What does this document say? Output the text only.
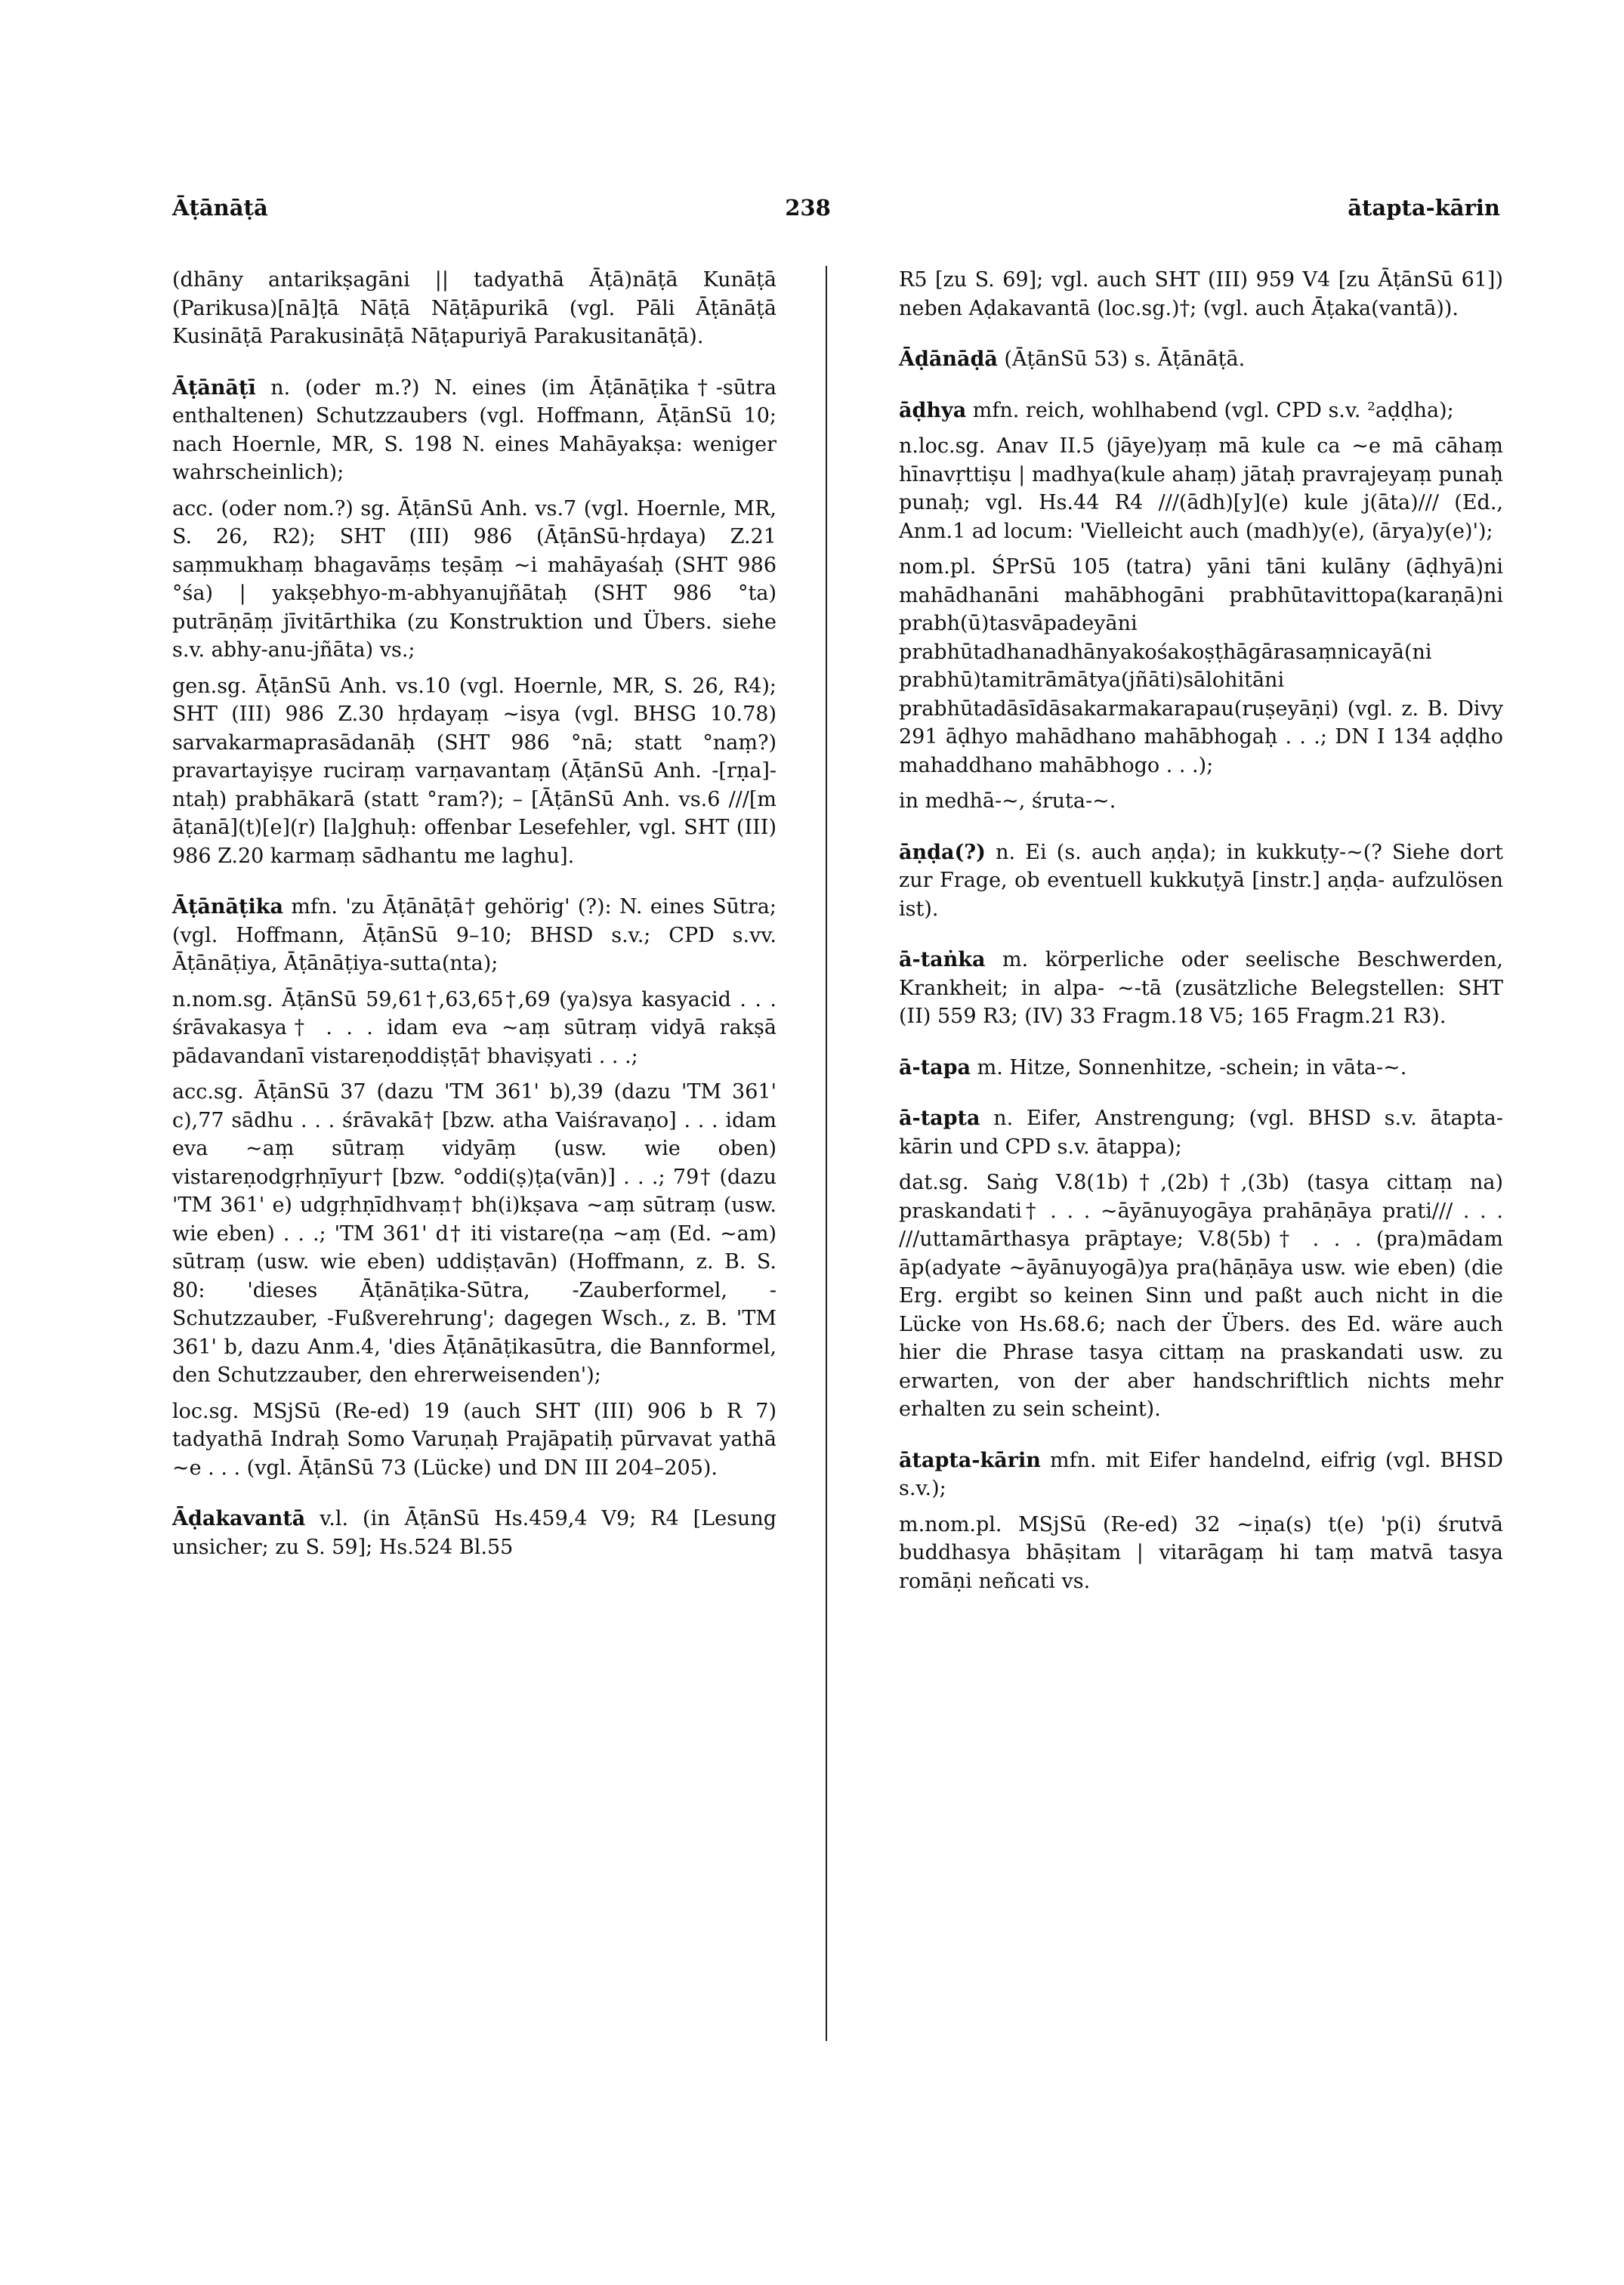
Āṭānāṭā	238	ātapta-kārin

(dhāny antarikṣagāni || tadyathā Āṭā)nāṭā Kunāṭā (Parikusa)[nā]ṭā Nāṭā Nāṭāpurikā (vgl. Pāli Āṭānāṭā Kusināṭā Parakusināṭā Nāṭapuriyā Parakusitanāṭā).

Āṭānāṭī n. (oder m.?) N. eines (im Āṭānāṭika†-sūtra enthaltenen) Schutzzaubers (vgl. Hoffmann, ĀṭānSū 10; nach Hoernle, MR, S. 198 N. eines Mahāyakṣa: weniger wahrscheinlich);

acc. (oder nom.?) sg. ĀṭānSū Anh. vs.7 (vgl. Hoernle, MR, S. 26, R2); SHT (III) 986 (ĀṭānSū-hṛdaya) Z.21 saṃmukhaṃ bhagavāṃs teṣāṃ ~i mahāyaśaḥ (SHT 986 °śa) | yakṣebhyo-m-abhyanujñātaḥ (SHT 986 °ta) putrāṇāṃ jīvitārthika (zu Konstruktion und Übers. siehe s.v. abhy-anu-jñāta) vs.;

gen.sg. ĀṭānSū Anh. vs.10 (vgl. Hoernle, MR, S. 26, R4); SHT (III) 986 Z.30 hṛdayaṃ ~isya (vgl. BHSG 10.78) sarvakarmaprasādanāḥ (SHT 986 °nā; statt °naṃ?) pravartayiṣye ruciraṃ varṇavantaṃ (ĀṭānSū Anh. -[rṇa]-ntaḥ) prabhākarā (statt °ram?); – [ĀṭānSū Anh. vs.6 ///[m āṭanā](t)[e](r) [la]ghuḥ: offenbar Lesefehler, vgl. SHT (III) 986 Z.20 karmaṃ sādhantu me laghu].

Āṭānāṭika mfn. 'zu Āṭānāṭā† gehörig' (?): N. eines Sūtra; (vgl. Hoffmann, ĀṭānSū 9–10; BHSD s.v.; CPD s.vv. Āṭānāṭiya, Āṭānāṭiya-sutta(nta);

n.nom.sg. ĀṭānSū 59,61†,63,65†,69 (ya)sya kasyacid . . . śrāvakasya† . . . idam eva ~aṃ sūtraṃ vidyā rakṣā pādavandanī vistareṇoddiṣṭā† bhaviṣyati . . .;

acc.sg. ĀṭānSū 37 (dazu 'TM 361' b),39 (dazu 'TM 361' c),77 sādhu . . . śrāvakā† [bzw. atha Vaiśravaṇo] . . . idam eva ~aṃ sūtraṃ vidyāṃ (usw. wie oben) vistareṇodgṛhṇīyur† [bzw. °oddi(ṣ)ṭa(vān)] . . .; 79† (dazu 'TM 361' e) udgṛhṇīdhvaṃ† bh(i)kṣava ~aṃ sūtraṃ (usw. wie eben) . . .; 'TM 361' d† iti vistare(ṇa ~aṃ (Ed. ~am) sūtraṃ (usw. wie eben) uddiṣṭavān) (Hoffmann, z. B. S. 80: 'dieses Āṭānāṭika-Sūtra, -Zauberformel, -Schutzzauber, -Fußverehrung'; dagegen Wsch., z. B. 'TM 361' b, dazu Anm.4, 'dies Āṭānāṭikasūtra, die Bannformel, den Schutzzauber, den ehrerweisenden');

loc.sg. MSjSū (Re-ed) 19 (auch SHT (III) 906 b R 7) tadyathā Indraḥ Somo Varuṇaḥ Prajāpatiḥ pūrvavat yathā ~e . . . (vgl. ĀṭānSū 73 (Lücke) und DN III 204–205).

Āḍakavantā v.l. (in ĀṭānSū Hs.459,4 V9; R4 [Lesung unsicher; zu S. 59]; Hs.524 Bl.55

R5 [zu S. 69]; vgl. auch SHT (III) 959 V4 [zu ĀṭānSū 61]) neben Aḍakavantā (loc.sg.)†; (vgl. auch Āṭaka(vantā)).

Āḍānāḍā (ĀṭānSū 53) s. Āṭānāṭā.

āḍhya mfn. reich, wohlhabend (vgl. CPD s.v. ²aḍḍha);

n.loc.sg. Anav II.5 (jāye)yaṃ mā kule ca ~e mā cāhaṃ hīnavṛttiṣu | madhya(kule ahaṃ) jātaḥ pravrajeyaṃ punaḥ punaḥ; vgl. Hs.44 R4 ///(ādh)[y](e) kule j(āta)/// (Ed., Anm.1 ad locum: 'Vielleicht auch (madh)y(e), (ārya)y(e)');

nom.pl. ŚPrSū 105 (tatra) yāni tāni kulāny (āḍhyā)ni mahādhanāni mahābhogāni prabhūtavittopa(karaṇā)ni prabh(ū)tasvāpadeyāni prabhūtadhanadhānyakośakoṣṭhāgārasaṃnicayā(ni prabhū)tamitrāmātya(jñāti)sālohitāni prabhūtadāsīdāsakarmakarapau(ruṣeyāṇi) (vgl. z. B. Divy 291 āḍhyo mahādhano mahābhogaḥ . . .; DN I 134 aḍḍho mahaddhano mahābhogo . . .);

in medhā-~, śruta-~.

āṇḍa(?) n. Ei (s. auch aṇḍa); in kukkuṭy-~(? Siehe dort zur Frage, ob eventuell kukkuṭyā [instr.] aṇḍa- aufzulösen ist).

ā-taṅka m. körperliche oder seelische Beschwerden, Krankheit; in alpa- ~-tā (zusätzliche Belegstellen: SHT (II) 559 R3; (IV) 33 Fragm.18 V5; 165 Fragm.21 R3).

ā-tapa m. Hitze, Sonnenhitze, -schein; in vāta-~.

ā-tapta n. Eifer, Anstrengung; (vgl. BHSD s.v. ātapta-kārin und CPD s.v. ātappa);

dat.sg. Saṅg V.8(1b)†,(2b)†,(3b) (tasya cittaṃ na) praskandati† . . . ~āyānuyogāya prahāṇāya prati/// . . . ///uttamārthasya prāptaye; V.8(5b)† . . . (pra)mādam āp(adyate ~āyānuyogā)ya pra(hāṇāya usw. wie eben) (die Erg. ergibt so keinen Sinn und paßt auch nicht in die Lücke von Hs.68.6; nach der Übers. des Ed. wäre auch hier die Phrase tasya cittaṃ na praskandati usw. zu erwarten, von der aber handschriftlich nichts mehr erhalten zu sein scheint).

ātapta-kārin mfn. mit Eifer handelnd, eifrig (vgl. BHSD s.v.);

m.nom.pl. MSjSū (Re-ed) 32 ~iṇa(s) t(e) 'p(i) śrutvā buddhasya bhāṣitam | vitarāgaṃ hi taṃ matvā tasya romāṇi neñcati vs.
